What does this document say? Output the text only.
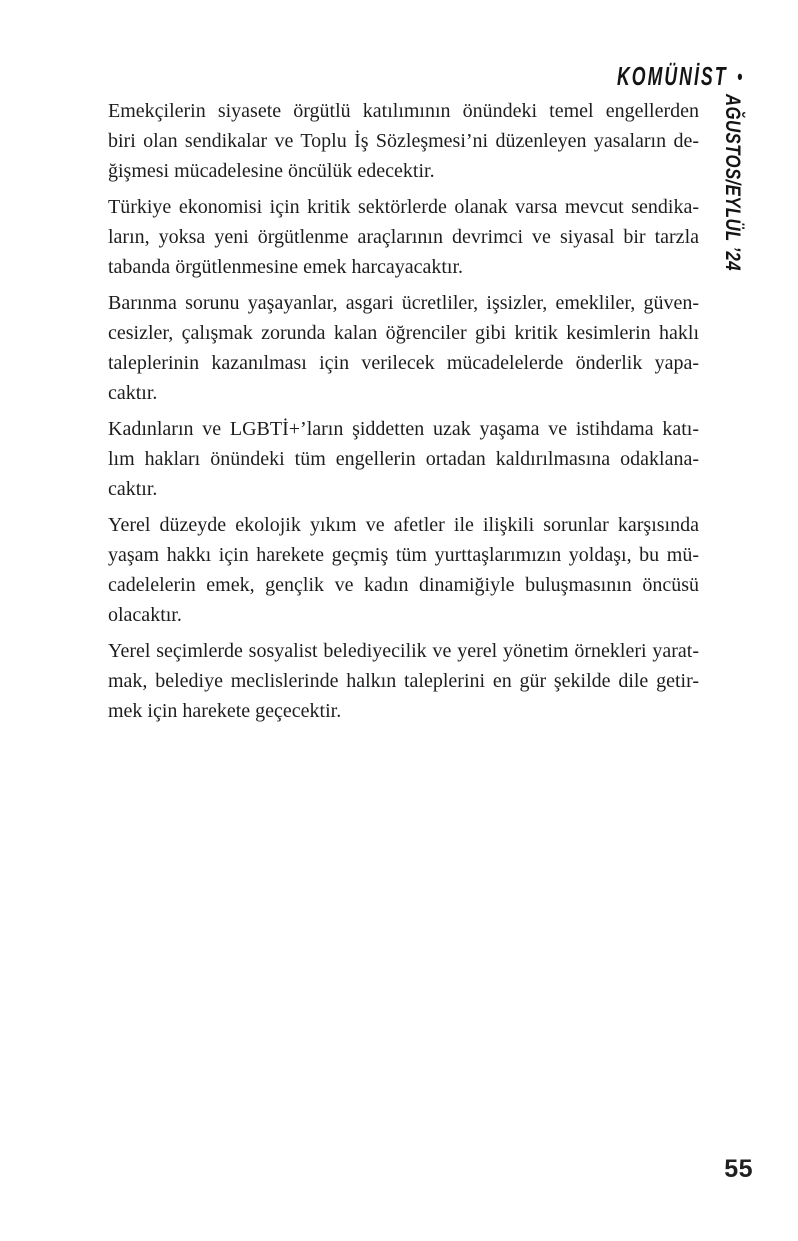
KOMÜNİST •
AĞUSTOS/EYLÜL ’24

Emekçilerin siyasete örgütlü katılımının önündeki temel engellerden
biri olan sendikalar ve Toplu İş Sözleşmesi’ni düzenleyen yasaların de-
ğişmesi mücadelesine öncülük edecektir.

Türkiye ekonomisi için kritik sektörlerde olanak varsa mevcut sendika-
ların, yoksa yeni örgütlenme araçlarının devrimci ve siyasal bir tarzla
tabanda örgütlenmesine emek harcayacaktır.

Barınma sorunu yaşayanlar, asgari ücretliler, işsizler, emekliler, güven-
cesizler, çalışmak zorunda kalan öğrenciler gibi kritik kesimlerin haklı
taleplerinin kazanılması için verilecek mücadelelerde önderlik yapa-
caktır.

Kadınların ve LGBTİ+’ların şiddetten uzak yaşama ve istihdama katı-
lım hakları önündeki tüm engellerin ortadan kaldırılmasına odaklana-
caktır.

Yerel düzeyde ekolojik yıkım ve afetler ile ilişkili sorunlar karşısında
yaşam hakkı için harekete geçmiş tüm yurttaşlarımızın yoldaşı, bu mü-
cadelelerin emek, gençlik ve kadın dinamiğiyle buluşmasının öncüsü
olacaktır.

Yerel seçimlerde sosyalist belediyecilik ve yerel yönetim örnekleri yarat-
mak, belediye meclislerinde halkın taleplerini en gür şekilde dile getir-
mek için harekete geçecektir.

55
